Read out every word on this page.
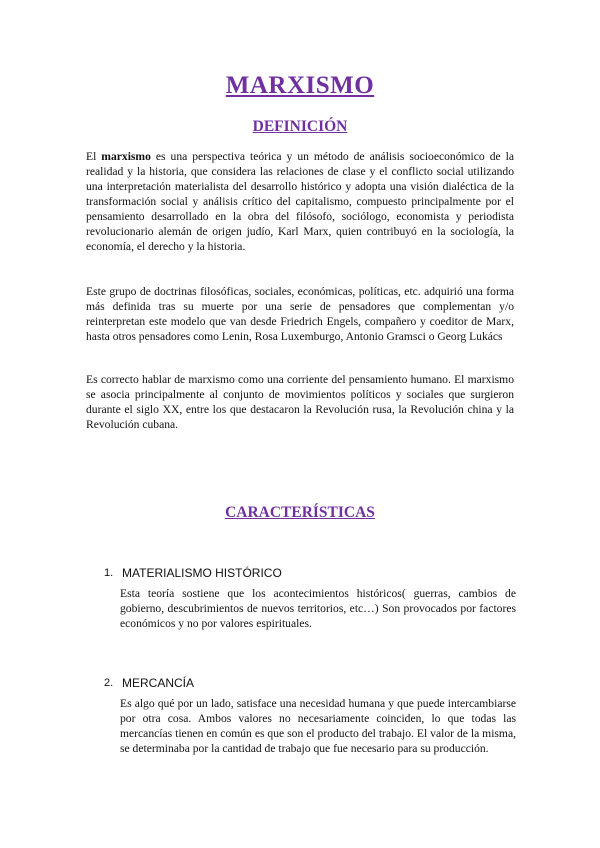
MARXISMO
DEFINICIÓN

El marxismo es una perspectiva teórica y un método de análisis socioeconómico de la realidad y la historia, que considera las relaciones de clase y el conflicto social utilizando una interpretación materialista del desarrollo histórico y adopta una visión dialéctica de la transformación social y análisis crítico del capitalismo, compuesto principalmente por el pensamiento desarrollado en la obra del filósofo, sociólogo, economista y periodista revolucionario alemán de origen judío, Karl Marx, quien contribuyó en la sociología, la economía, el derecho y la historia.

Este grupo de doctrinas filosóficas, sociales, económicas, políticas, etc. adquirió una forma más definida tras su muerte por una serie de pensadores que complementan y/o reinterpretan este modelo que van desde Friedrich Engels, compañero y coeditor de Marx, hasta otros pensadores como Lenin, Rosa Luxemburgo, Antonio Gramsci o Georg Lukács

Es correcto hablar de marxismo como una corriente del pensamiento humano. El marxismo se asocia principalmente al conjunto de movimientos políticos y sociales que surgieron durante el siglo XX, entre los que destacaron la Revolución rusa, la Revolución china y la Revolución cubana.

CARACTERÍSTICAS
1. MATERIALISMO HISTÓRICO

Esta teoría sostiene que los acontecimientos históricos( guerras, cambios de gobierno, descubrimientos de nuevos territorios, etc…) Son provocados por factores económicos y no por valores espirituales.

2. MERCANCÍA

Es algo qué por un lado, satisface una necesidad humana y que puede intercambiarse por otra cosa. Ambos valores no necesariamente coinciden, lo que todas las mercancías tienen en común es que son el producto del trabajo. El valor de la misma, se determinaba por la cantidad de trabajo que fue necesario para su producción.
